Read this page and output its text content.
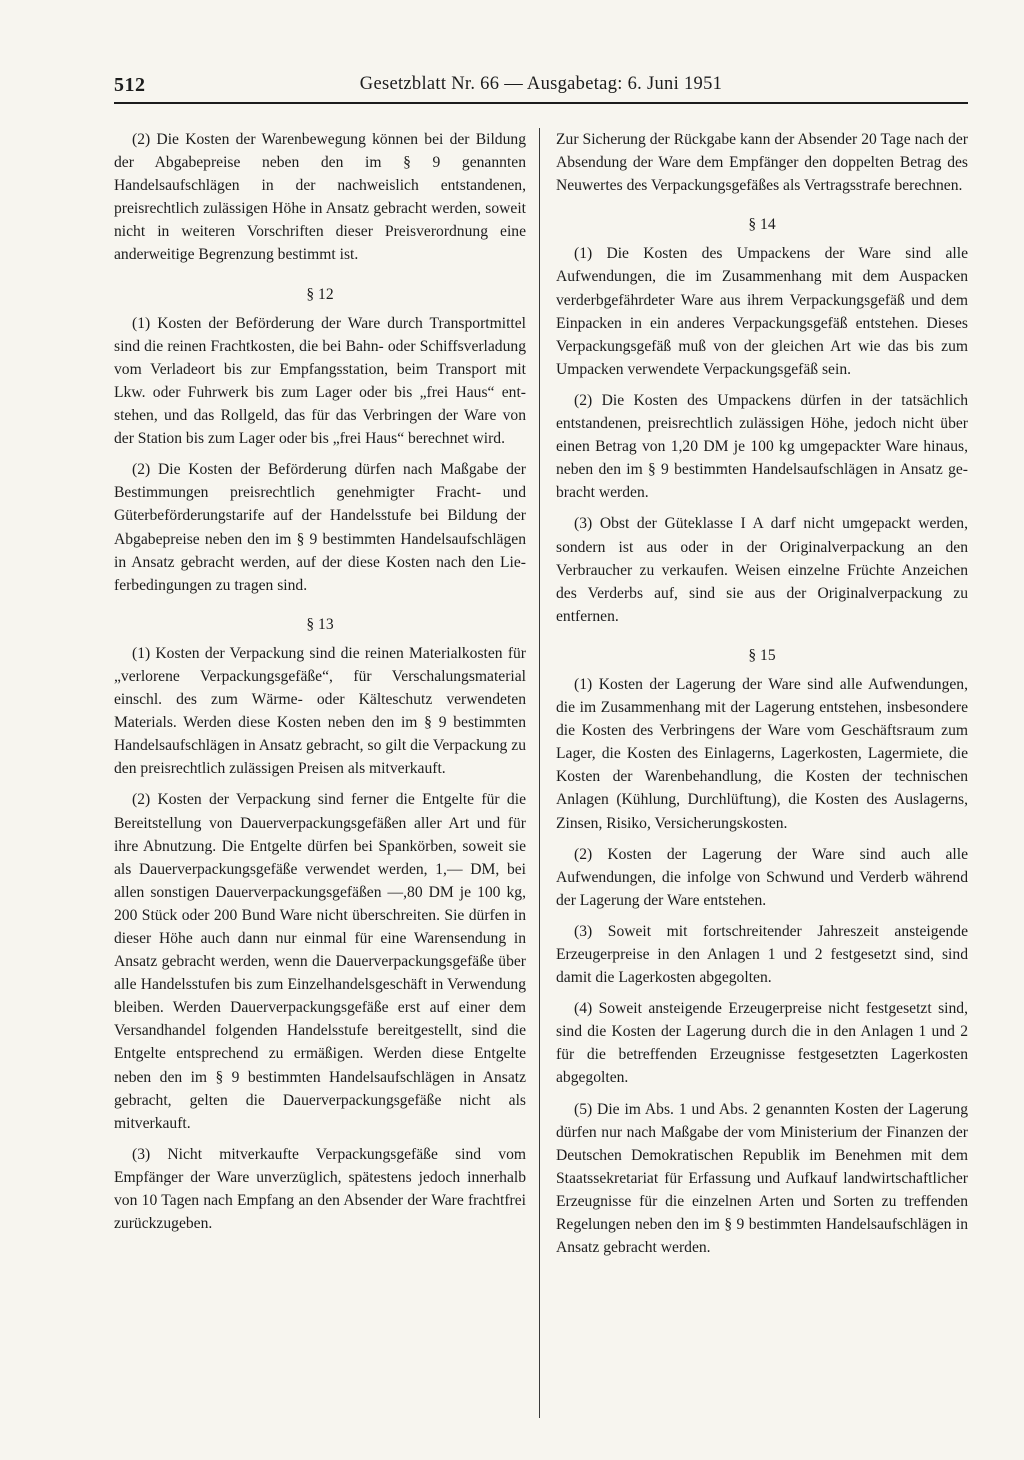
512	Gesetzblatt Nr. 66 — Ausgabetag: 6. Juni 1951

(2) Die Kosten der Warenbewegung können bei der Bildung der Abgabepreise neben den im § 9 genannten Handelsaufschlägen in der nachweislich entstandenen, preisrechtlich zulässigen Höhe in Ansatz gebracht werden, soweit nicht in weiteren Vorschriften dieser Preisverordnung eine anderweitige Begrenzung bestimmt ist.

§ 12

(1) Kosten der Beförderung der Ware durch Transportmittel sind die reinen Frachtkosten, die bei Bahn- oder Schiffsverladung vom Verladeort bis zur Empfangsstation, beim Transport mit Lkw. oder Fuhrwerk bis zum Lager oder bis „frei Haus“ entstehen, und das Rollgeld, das für das Verbringen der Ware von der Station bis zum Lager oder bis „frei Haus“ berechnet wird.

(2) Die Kosten der Beförderung dürfen nach Maßgabe der Bestimmungen preisrechtlich genehmigter Fracht- und Güterbeförderungstarife auf der Handelsstufe bei Bildung der Abgabepreise neben den im § 9 bestimmten Handelsaufschlägen in Ansatz gebracht werden, auf der diese Kosten nach den Lieferbedingungen zu tragen sind.

§ 13

(1) Kosten der Verpackung sind die reinen Materialkosten für „verlorene Verpackungsgefäße“, für Verschalungsmaterial einschl. des zum Wärme- oder Kälteschutz verwendeten Materials. Werden diese Kosten neben den im § 9 bestimmten Handelsaufschlägen in Ansatz gebracht, so gilt die Verpackung zu den preisrechtlich zulässigen Preisen als mitverkauft.

(2) Kosten der Verpackung sind ferner die Entgelte für die Bereitstellung von Dauerverpackungsgefäßen aller Art und für ihre Abnutzung. Die Entgelte dürfen bei Spankörben, soweit sie als Dauerverpackungsgefäße verwendet werden, 1,— DM, bei allen sonstigen Dauerverpackungsgefäßen —,80 DM je 100 kg, 200 Stück oder 200 Bund Ware nicht überschreiten. Sie dürfen in dieser Höhe auch dann nur einmal für eine Warensendung in Ansatz gebracht werden, wenn die Dauerverpackungsgefäße über alle Handelsstufen bis zum Einzelhandelsgeschäft in Verwendung bleiben. Werden Dauerverpackungsgefäße erst auf einer dem Versandhandel folgenden Handelsstufe bereitgestellt, sind die Entgelte entsprechend zu ermäßigen. Werden diese Entgelte neben den im § 9 bestimmten Handelsaufschlägen in Ansatz gebracht, gelten die Dauerverpackungsgefäße nicht als mitverkauft.

(3) Nicht mitverkaufte Verpackungsgefäße sind vom Empfänger der Ware unverzüglich, spätestens jedoch innerhalb von 10 Tagen nach Empfang an den Absender der Ware frachtfrei zurückzugeben.

Zur Sicherung der Rückgabe kann der Absender 20 Tage nach der Absendung der Ware dem Empfänger den doppelten Betrag des Neuwertes des Verpackungsgefäßes als Vertragsstrafe berechnen.

§ 14

(1) Die Kosten des Umpackens der Ware sind alle Aufwendungen, die im Zusammenhang mit dem Auspacken verderbgefährdeter Ware aus ihrem Verpackungsgefäß und dem Einpacken in ein anderes Verpackungsgefäß entstehen. Dieses Verpackungsgefäß muß von der gleichen Art wie das bis zum Umpacken verwendete Verpackungsgefäß sein.

(2) Die Kosten des Umpackens dürfen in der tatsächlich entstandenen, preisrechtlich zulässigen Höhe, jedoch nicht über einen Betrag von 1,20 DM je 100 kg umgepackter Ware hinaus, neben den im § 9 bestimmten Handelsaufschlägen in Ansatz gebracht werden.

(3) Obst der Güteklasse I A darf nicht umgepackt werden, sondern ist aus oder in der Originalverpackung an den Verbraucher zu verkaufen. Weisen einzelne Früchte Anzeichen des Verderbs auf, sind sie aus der Originalverpackung zu entfernen.

§ 15

(1) Kosten der Lagerung der Ware sind alle Aufwendungen, die im Zusammenhang mit der Lagerung entstehen, insbesondere die Kosten des Verbringens der Ware vom Geschäftsraum zum Lager, die Kosten des Einlagerns, Lagerkosten, Lagermiete, die Kosten der Warenbehandlung, die Kosten der technischen Anlagen (Kühlung, Durchlüftung), die Kosten des Auslagerns, Zinsen, Risiko, Versicherungskosten.

(2) Kosten der Lagerung der Ware sind auch alle Aufwendungen, die infolge von Schwund und Verderb während der Lagerung der Ware entstehen.

(3) Soweit mit fortschreitender Jahreszeit ansteigende Erzeugerpreise in den Anlagen 1 und 2 festgesetzt sind, sind damit die Lagerkosten abgegolten.

(4) Soweit ansteigende Erzeugerpreise nicht festgesetzt sind, sind die Kosten der Lagerung durch die in den Anlagen 1 und 2 für die betreffenden Erzeugnisse festgesetzten Lagerkosten abgegolten.

(5) Die im Abs. 1 und Abs. 2 genannten Kosten der Lagerung dürfen nur nach Maßgabe der vom Ministerium der Finanzen der Deutschen Demokratischen Republik im Benehmen mit dem Staatssekretariat für Erfassung und Aufkauf landwirtschaftlicher Erzeugnisse für die einzelnen Arten und Sorten zu treffenden Regelungen neben den im § 9 bestimmten Handelsaufschlägen in Ansatz gebracht werden.
